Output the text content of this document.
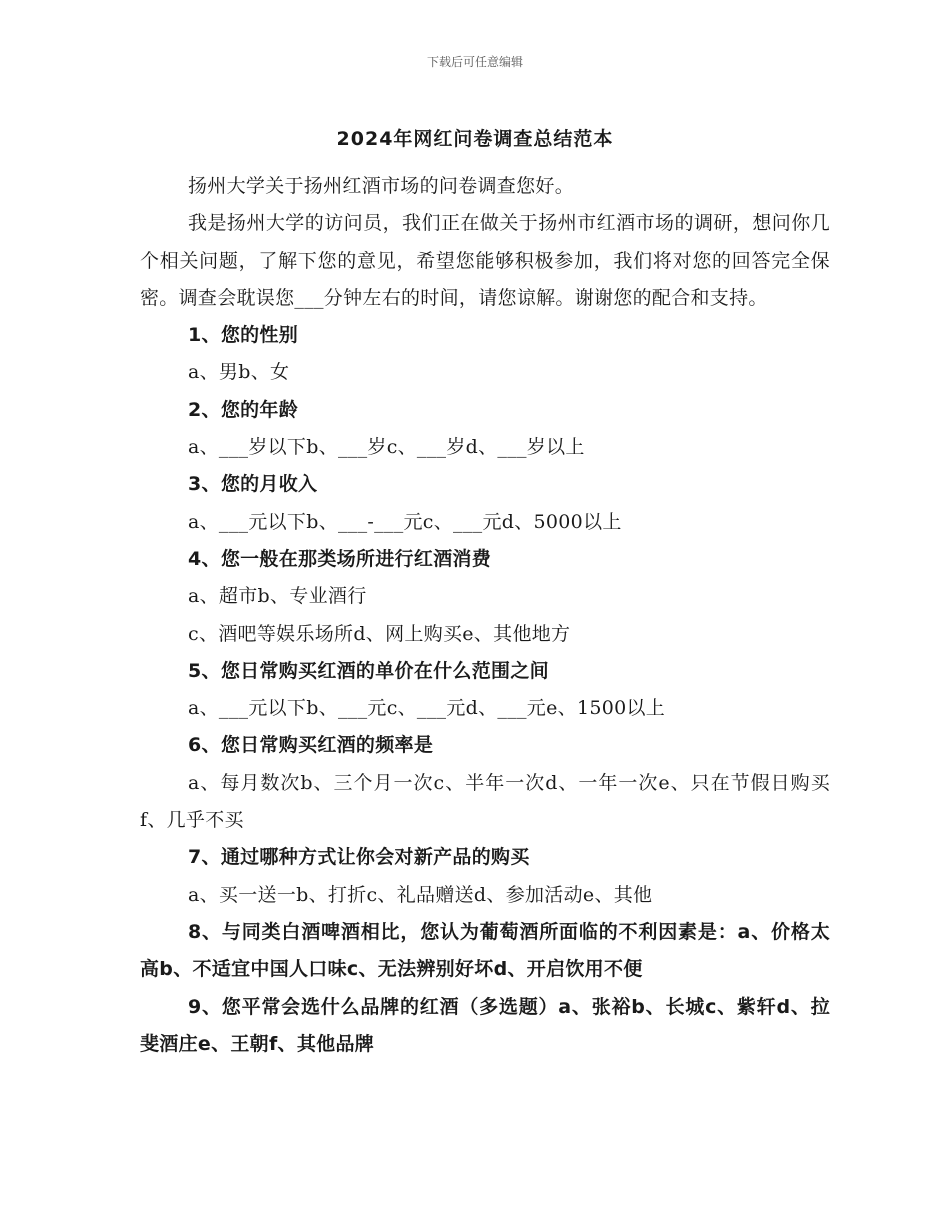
下载后可任意编辑
2024年网红问卷调查总结范本

扬州大学关于扬州红酒市场的问卷调查您好。

我是扬州大学的访问员，我们正在做关于扬州市红酒市场的调研，想问你几个相关问题，了解下您的意见，希望您能够积极参加，我们将对您的回答完全保密。调查会耽误您___分钟左右的时间，请您谅解。谢谢您的配合和支持。

1、您的性别

a、男b、女

2、您的年龄

a、___岁以下b、___岁c、___岁d、___岁以上

3、您的月收入

a、___元以下b、___-___元c、___元d、5000以上

4、您一般在那类场所进行红酒消费

a、超市b、专业酒行

c、酒吧等娱乐场所d、网上购买e、其他地方

5、您日常购买红酒的单价在什么范围之间

a、___元以下b、___元c、___元d、___元e、1500以上

6、您日常购买红酒的频率是

a、每月数次b、三个月一次c、半年一次d、一年一次e、只在节假日购买f、几乎不买

7、通过哪种方式让你会对新产品的购买

a、买一送一b、打折c、礼品赠送d、参加活动e、其他

8、与同类白酒啤酒相比，您认为葡萄酒所面临的不利因素是：a、价格太高b、不适宜中国人口味c、无法辨别好坏d、开启饮用不便

9、您平常会选什么品牌的红酒（多选题）a、张裕b、长城c、紫轩d、拉斐酒庄e、王朝f、其他品牌
